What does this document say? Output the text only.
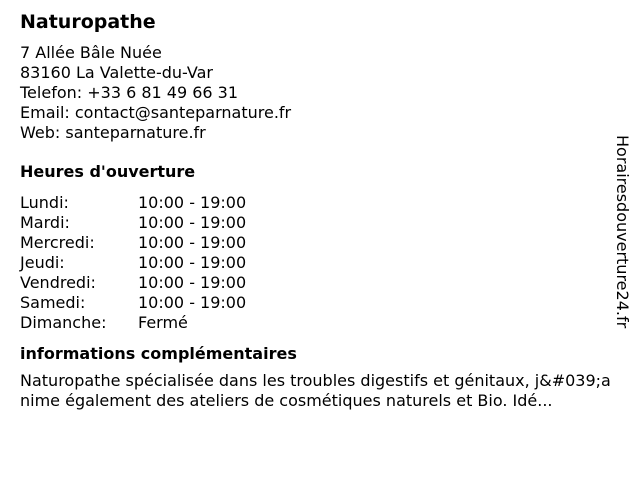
Naturopathe
7 Allée Bâle Nuée
83160 La Valette-du-Var
Telefon: +33 6 81 49 66 31
Email: contact@santeparnature.fr
Web: santeparnature.fr
Heures d'ouverture
Lundi:	10:00 - 19:00
Mardi:	10:00 - 19:00
Mercredi:	10:00 - 19:00
Jeudi:	10:00 - 19:00
Vendredi:	10:00 - 19:00
Samedi:	10:00 - 19:00
Dimanche:	Fermé
informations complémentaires
Naturopathe spécialisée dans les troubles digestifs et génitaux, j&#039;anime également des ateliers de cosmétiques naturels et Bio. Idé...
Horairesdouverture24.fr
